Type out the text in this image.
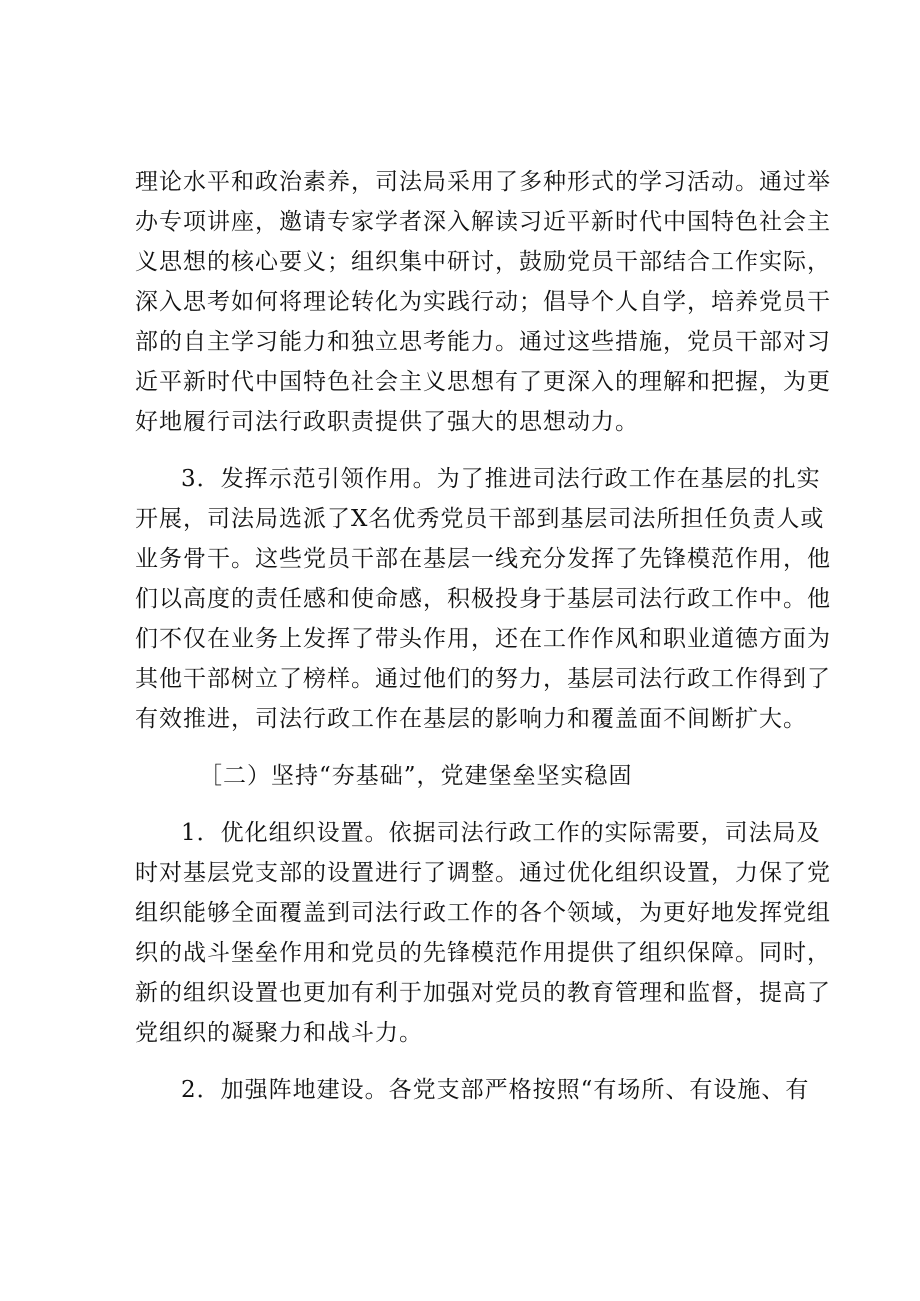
理论水平和政治素养，司法局采用了多种形式的学习活动。通过举
办专项讲座，邀请专家学者深入解读习近平新时代中国特色社会主
义思想的核心要义；组织集中研讨，鼓励党员干部结合工作实际，
深入思考如何将理论转化为实践行动；倡导个人自学，培养党员干
部的自主学习能力和独立思考能力。通过这些措施，党员干部对习
近平新时代中国特色社会主义思想有了更深入的理解和把握，为更
好地履行司法行政职责提供了强大的思想动力。

3．发挥示范引领作用。为了推进司法行政工作在基层的扎实
开展，司法局选派了X名优秀党员干部到基层司法所担任负责人或
业务骨干。这些党员干部在基层一线充分发挥了先锋模范作用，他
们以高度的责任感和使命感，积极投身于基层司法行政工作中。他
们不仅在业务上发挥了带头作用，还在工作作风和职业道德方面为
其他干部树立了榜样。通过他们的努力，基层司法行政工作得到了
有效推进，司法行政工作在基层的影响力和覆盖面不间断扩大。

［二）坚持“夯基础”，党建堡垒坚实稳固

1．优化组织设置。依据司法行政工作的实际需要，司法局及
时对基层党支部的设置进行了调整。通过优化组织设置，力保了党
组织能够全面覆盖到司法行政工作的各个领域，为更好地发挥党组
织的战斗堡垒作用和党员的先锋模范作用提供了组织保障。同时，
新的组织设置也更加有利于加强对党员的教育管理和监督，提高了
党组织的凝聚力和战斗力。

2．加强阵地建设。各党支部严格按照“有场所、有设施、有
